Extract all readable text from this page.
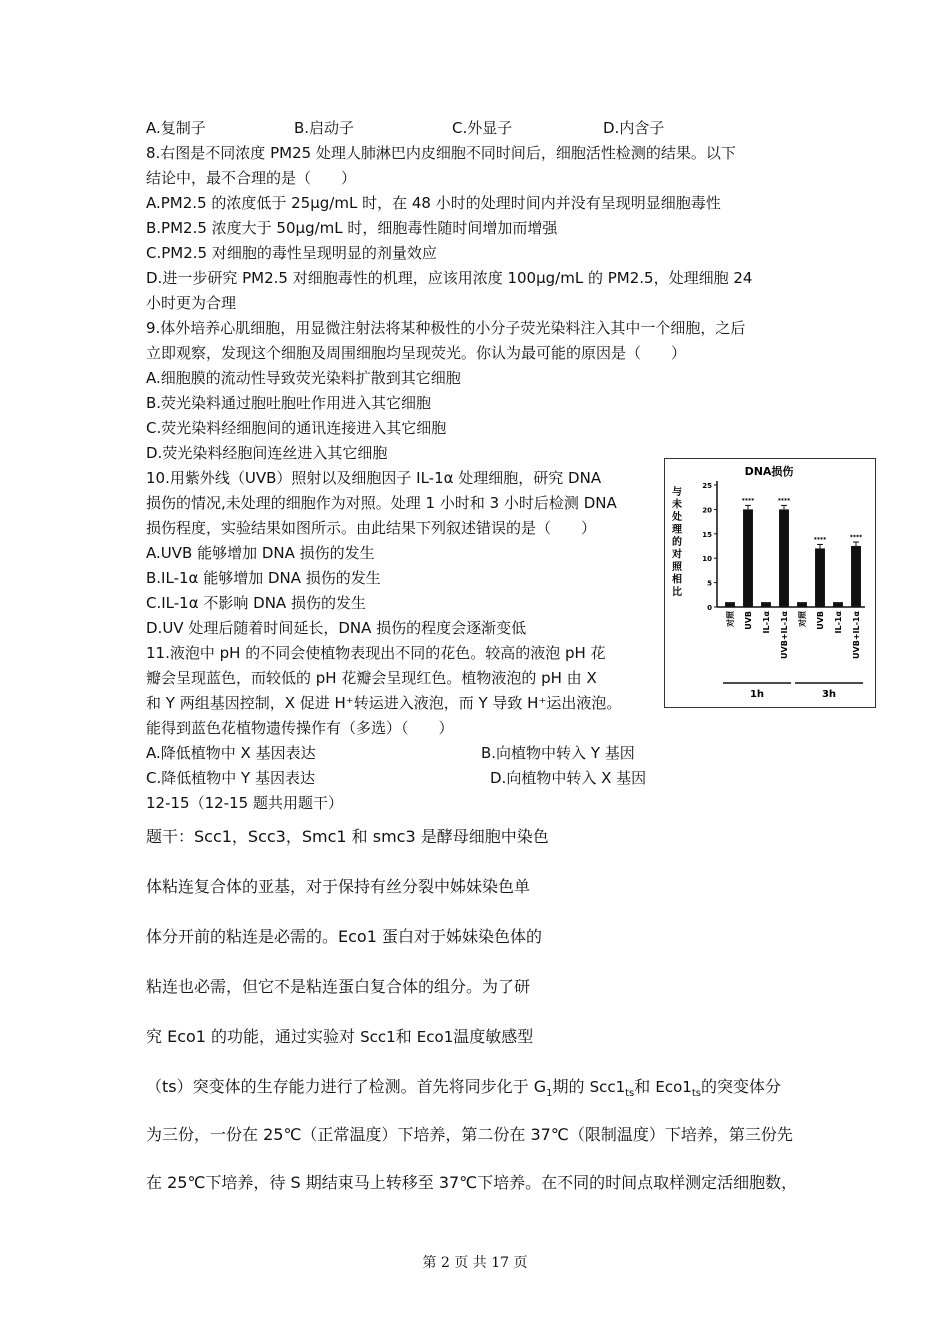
A.复制子	B.启动子	C.外显子	D.内含子
8.右图是不同浓度 PM25 处理人肺淋巴内皮细胞不同时间后，细胞活性检测的结果。以下
结论中，最不合理的是（　　）
A.PM2.5 的浓度低于 25μg/mL 时，在 48 小时的处理时间内并没有呈现明显细胞毒性
B.PM2.5 浓度大于 50μg/mL 时，细胞毒性随时间增加而增强
C.PM2.5 对细胞的毒性呈现明显的剂量效应
D.进一步研究 PM2.5 对细胞毒性的机理，应该用浓度 100μg/mL 的 PM2.5，处理细胞 24
小时更为合理
9.体外培养心肌细胞，用显微注射法将某种极性的小分子荧光染料注入其中一个细胞，之后
立即观察，发现这个细胞及周围细胞均呈现荧光。你认为最可能的原因是（　　）
A.细胞膜的流动性导致荧光染料扩散到其它细胞
B.荧光染料通过胞吐胞吐作用进入其它细胞
C.荧光染料经细胞间的通讯连接进入其它细胞
D.荧光染料经胞间连丝进入其它细胞
10.用紫外线（UVB）照射以及细胞因子 IL-1α 处理细胞，研究 DNA
损伤的情况,未处理的细胞作为对照。处理 1 小时和 3 小时后检测 DNA
损伤程度，实验结果如图所示。由此结果下列叙述错误的是（　　）
A.UVB 能够增加 DNA 损伤的发生
B.IL-1α 能够增加 DNA 损伤的发生
C.IL-1α 不影响 DNA 损伤的发生
D.UV 处理后随着时间延长，DNA 损伤的程度会逐渐变低
11.液泡中 pH 的不同会使植物表现出不同的花色。较高的液泡 pH 花
瓣会呈现蓝色，而较低的 pH 花瓣会呈现红色。植物液泡的 pH 由 X
和 Y 两组基因控制，X 促进 H⁺转运进入液泡，而 Y 导致 H⁺运出液泡。
能得到蓝色花植物遗传操作有（多选）（　　）
A.降低植物中 X 基因表达	B.向植物中转入 Y 基因
C.降低植物中 Y 基因表达	D.向植物中转入 X 基因
12-15（12-15 题共用题干）
题干：Scc1，Scc3，Smc1 和 smc3 是酵母细胞中染色
体粘连复合体的亚基，对于保持有丝分裂中姊妹染色单
体分开前的粘连是必需的。Eco1 蛋白对于姊妹染色体的
粘连也必需，但它不是粘连蛋白复合体的组分。为了研
究 Eco1 的功能，通过实验对 Scc1和 Eco1温度敏感型
（ts）突变体的生存能力进行了检测。首先将同步化于 $G_1$期的 $Scc1_{ts}$和 $Eco1_{ts}$的突变体分
为三份，一份在 25℃（正常温度）下培养，第二份在 37℃（限制温度）下培养，第三份先
在 25℃下培养，待 S 期结束马上转移至 37℃下培养。在不同的时间点取样测定活细胞数，
第 2 页 共 17 页
DNA损伤
与
未
处
理
的
对
照
相
比
0
5
10
15
20
25
对照
****
UVB IL-1α
****
UVB+IL-1α 对照
****
UVB IL-1α
****
UVB+IL-1α
1h	3h
